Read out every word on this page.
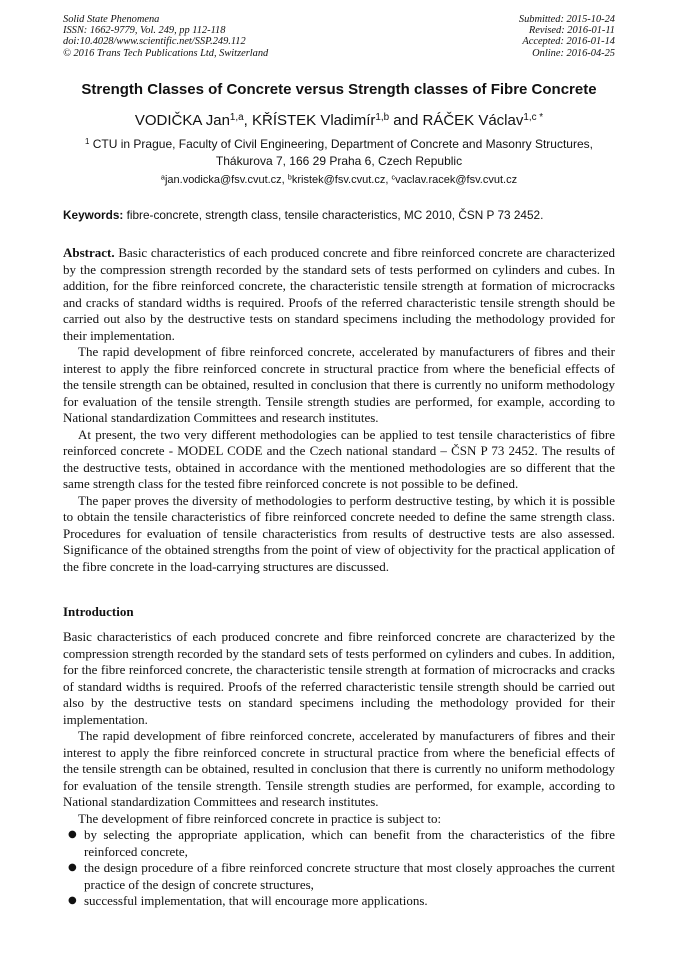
Solid State Phenomena
ISSN: 1662-9779, Vol. 249, pp 112-118
doi:10.4028/www.scientific.net/SSP.249.112
© 2016 Trans Tech Publications Ltd, Switzerland
Submitted: 2015-10-24
Revised: 2016-01-11
Accepted: 2016-01-14
Online: 2016-04-25
Strength Classes of Concrete versus Strength classes of Fibre Concrete
VODIČKA Jan$^{1,a}$, KŘÍSTEK Vladimír$^{1,b}$ and RÁČEK Václav$^{1,c *}$
$^1$ CTU in Prague, Faculty of Civil Engineering, Department of Concrete and Masonry Structures,
Thákurova 7, 166 29 Praha 6, Czech Republic
$^a$jan.vodicka@fsv.cvut.cz, $^b$kristek@fsv.cvut.cz, $^c$vaclav.racek@fsv.cvut.cz
Keywords: fibre-concrete, strength class, tensile characteristics, MC 2010, ČSN P 73 2452.

Abstract. Basic characteristics of each produced concrete and fibre reinforced concrete are characterized by the compression strength recorded by the standard sets of tests performed on cylinders and cubes. In addition, for the fibre reinforced concrete, the characteristic tensile strength at formation of microcracks and cracks of standard widths is required. Proofs of the referred characteristic tensile strength should be carried out also by the destructive tests on standard specimens including the methodology provided for their implementation.

The rapid development of fibre reinforced concrete, accelerated by manufacturers of fibres and their interest to apply the fibre reinforced concrete in structural practice from where the beneficial effects of the tensile strength can be obtained, resulted in conclusion that there is currently no uniform methodology for evaluation of the tensile strength. Tensile strength studies are performed, for example, according to National standardization Committees and research institutes.

At present, the two very different methodologies can be applied to test tensile characteristics of fibre reinforced concrete - MODEL CODE and the Czech national standard – ČSN P 73 2452. The results of the destructive tests, obtained in accordance with the mentioned methodologies are so different that the same strength class for the tested fibre reinforced concrete is not possible to be defined.

The paper proves the diversity of methodologies to perform destructive testing, by which it is possible to obtain the tensile characteristics of fibre reinforced concrete needed to define the same strength class. Procedures for evaluation of tensile characteristics from results of destructive tests are also assessed. Significance of the obtained strengths from the point of view of objectivity for the practical application of the fibre concrete in the load-carrying structures are discussed.

Introduction

Basic characteristics of each produced concrete and fibre reinforced concrete are characterized by the compression strength recorded by the standard sets of tests performed on cylinders and cubes. In addition, for the fibre reinforced concrete, the characteristic tensile strength at formation of microcracks and cracks of standard widths is required. Proofs of the referred characteristic tensile strength should be carried out also by the destructive tests on standard specimens including the methodology provided for their implementation.

The rapid development of fibre reinforced concrete, accelerated by manufacturers of fibres and their interest to apply the fibre reinforced concrete in structural practice from where the beneficial effects of the tensile strength can be obtained, resulted in conclusion that there is currently no uniform methodology for evaluation of the tensile strength. Tensile strength studies are performed, for example, according to National standardization Committees and research institutes.

The development of fibre reinforced concrete in practice is subject to:

● by selecting the appropriate application, which can benefit from the characteristics of the fibre reinforced concrete,
● the design procedure of a fibre reinforced concrete structure that most closely approaches the current practice of the design of concrete structures,
● successful implementation, that will encourage more applications.
